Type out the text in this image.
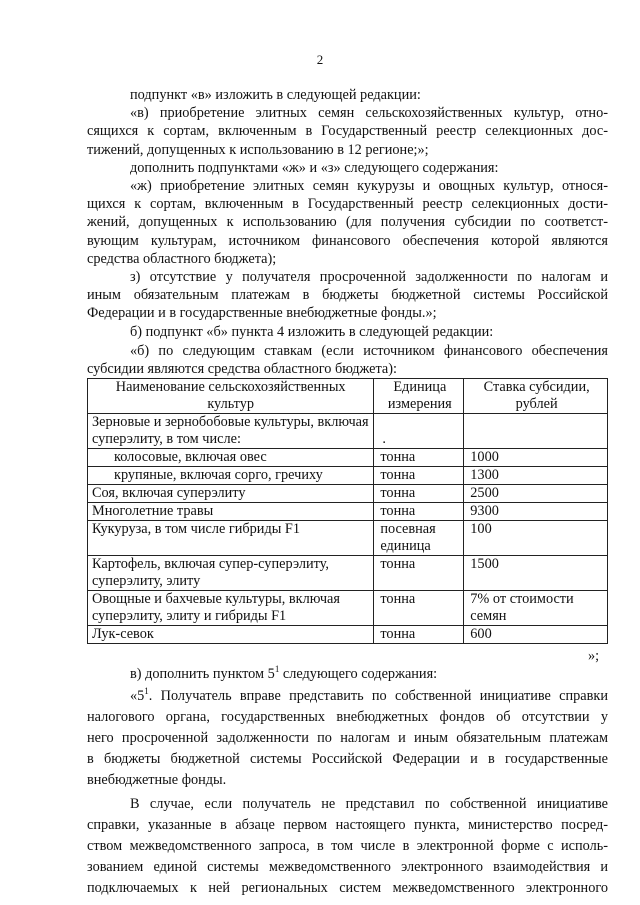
2
подпункт «в» изложить в следующей редакции:
«в) приобретение элитных семян сельскохозяйственных культур, отно-
сящихся к сортам, включенным в Государственный реестр селекционных дос-
тижений, допущенных к использованию в 12 регионе;»;
дополнить подпунктами «ж» и «з» следующего содержания:
«ж) приобретение элитных семян кукурузы и овощных культур, относя-
щихся к сортам, включенным в Государственный реестр селекционных дости-
жений, допущенных к использованию (для получения субсидии по соответст-
вующим культурам, источником финансового обеспечения которой являются
средства областного бюджета);
з) отсутствие у получателя просроченной задолженности по налогам и
иным обязательным платежам в бюджеты бюджетной системы Российской
Федерации и в государственные внебюджетные фонды.»;
б) подпункт «б» пункта 4 изложить в следующей редакции:
Наименование сельскохозяйственных культур	Единица измерения	Ставка субсидии, рублей
Зерновые и зернобобовые культуры, включая суперэлиту, в том числе:	.	
колосовые, включая овес	тонна	1000
крупяные, включая сорго, гречиху	тонна	1300
Соя, включая суперэлиту	тонна	2500
Многолетние травы	тонна	9300
Кукуруза, в том числе гибриды F1	посевная единица	100
Картофель, включая супер-суперэлиту, суперэлиту, элиту	тонна	1500
Овощные и бахчевые культуры, включая суперэлиту, элиту и гибриды F1	тонна	7% от стоимости семян
Лук-севок	тонна	600
»;
в) дополнить пунктом $5^1$ следующего содержания:
«$5^1$. Получатель вправе представить по собственной инициативе справки
налогового органа, государственных внебюджетных фондов об отсутствии у
него просроченной задолженности по налогам и иным обязательным платежам
в бюджеты бюджетной системы Российской Федерации и в государственные
внебюджетные фонды.
В случае, если получатель не представил по собственной инициативе
справки, указанные в абзаце первом настоящего пункта, министерство посред-
ством межведомственного запроса, в том числе в электронной форме с исполь-
зованием единой системы межведомственного электронного взаимодействия и
подключаемых к ней региональных систем межведомственного электронного
«б) по следующим ставкам (если источником финансового обеспечения
субсидии являются средства областного бюджета):
